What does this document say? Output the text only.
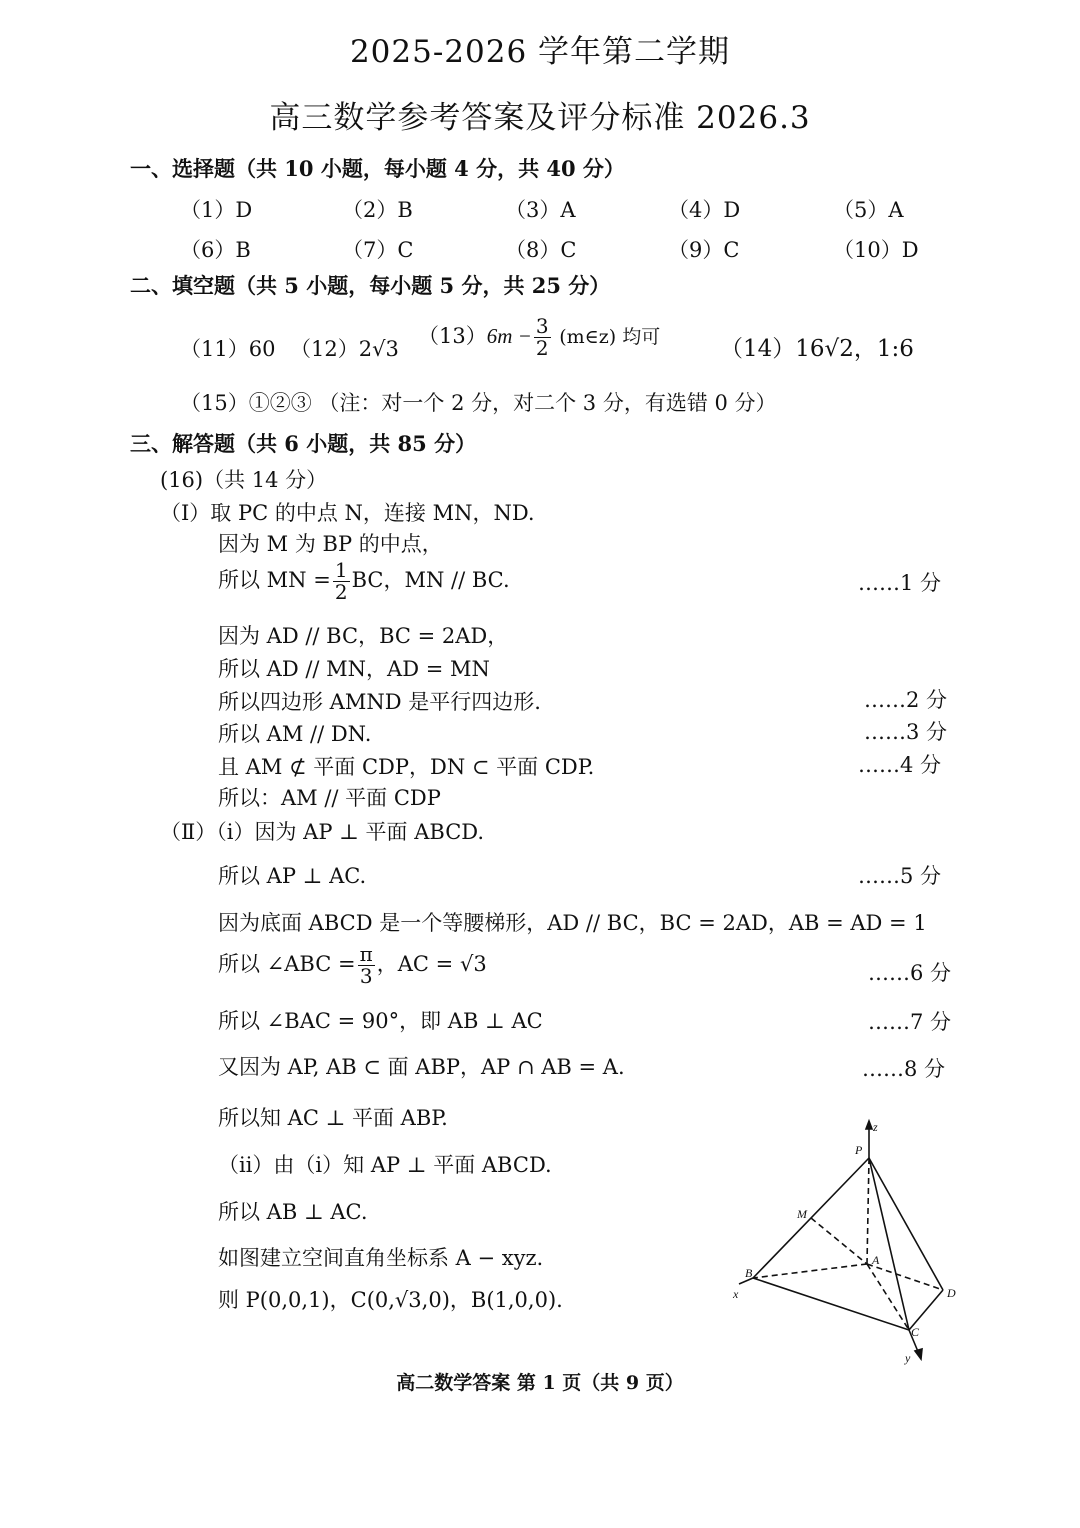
2025-2026 学年第二学期
高三数学参考答案及评分标准 2026.3
一、选择题（共 10 小题，每小题 4 分，共 40 分）
（1）D	（2）B	（3）A	（4）D	（5）A
（6）B	（7）C	（8）C	（9）C	（10）D
二、填空题（共 5 小题，每小题 5 分，共 25 分）
（11）60 （12）2√3
$(13)6m - \frac{3}{2}$ (m∈z) 均可	（14）16√2，1:6
（15）①②③ （注：对一个 2 分，对二个 3 分，有选错 0 分）
三、解答题（共 6 小题，共 85 分）
(16)（共 14 分）
（Ⅰ）取 PC 的中点 N，连接 MN，ND.
因为 M 为 BP 的中点，
所以 MN = $\frac{1}{2}$ BC，MN // BC.	……1 分
因为 AD // BC，BC = 2AD，
所以 AD // MN，AD = MN
所以四边形 AMND 是平行四边形.	……2 分
所以 AM // DN.	……3 分
且 AM ⊄ 平面 CDP，DN ⊂ 平面 CDP.	……4 分
所以：AM // 平面 CDP
（Ⅱ）（ⅰ）因为 AP ⊥ 平面 ABCD.
所以 AP ⊥ AC.	……5 分
因为底面 ABCD 是一个等腰梯形，AD // BC，BC = 2AD，AB = AD = 1
所以 ∠ABC = $\frac{\pi}{3}$ ，AC = √3	……6 分
所以 ∠BAC = 90°，即 AB ⊥ AC	……7 分
又因为 AP, AB ⊂ 面 ABP，AP ∩ AB = A.	……8 分
所以知 AC ⊥ 平面 ABP.
（ⅱ）由（ⅰ）知 AP ⊥ 平面 ABCD.
所以 AB ⊥ AC.
如图建立空间直角坐标系 A − xyz.
则 P(0,0,1)，C(0,√3,0)，B(1,0,0).
P
M
A
B
C
D
x
y
z
高二数学答案 第 1 页（共 9 页）
